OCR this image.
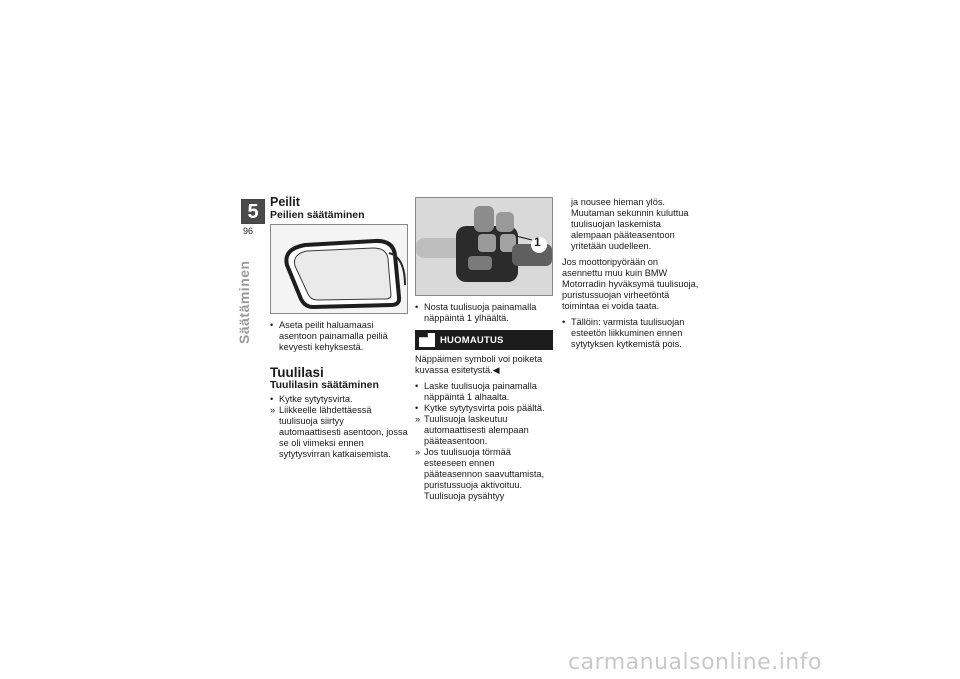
5
96
Säätäminen
Peilit
Peilien säätäminen
• Aseta peilit haluamaasi asentoon painamalla peiliä kevyesti kehyksestä.
Tuulilasi
Tuulilasin säätäminen
• Kytke sytytysvirta.
» Liikkeelle lähdettäessä tuulisuoja siirtyy automaattisesti asentoon, jossa se oli viimeksi ennen sytytysvirran katkaisemista.
1
• Nosta tuulisuoja painamalla näppäintä 1 ylhäältä.
HUOMAUTUS

Näppäimen symboli voi poiketa kuvassa esitetystä.◀

• Laske tuulisuoja painamalla näppäintä 1 alhaalta.
• Kytke sytytysvirta pois päältä.
» Tuulisuoja laskeutuu automaattisesti alempaan pääteasentoon.
» Jos tuulisuoja törmää esteeseen ennen pääteasennon saavuttamista, puristussuoja aktivoituu. Tuulisuoja pysähtyy

ja nousee hieman ylös. Muutaman sekunnin kuluttua tuulisuojan laskemista alempaan pääteasentoon yritetään uudelleen.

Jos moottoripyörään on asennettu muu kuin BMW Motorradin hyväksymä tuulisuoja, puristussuojan virheetöntä toimintaa ei voida taata.

• Tällöin: varmista tuulisuojan esteetön liikkuminen ennen sytytyksen kytkemistä pois.
carmanualsonline.info
